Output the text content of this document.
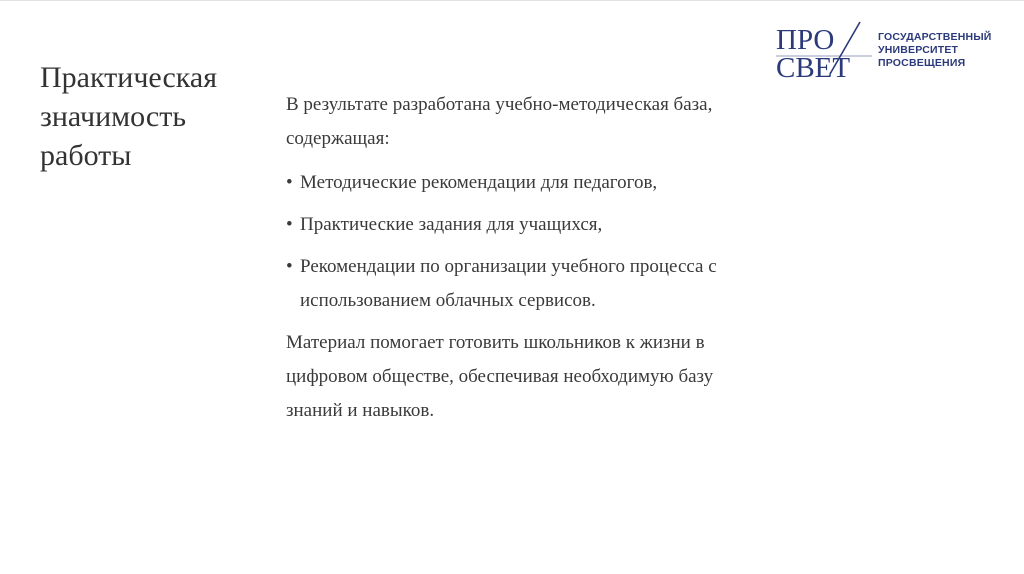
ПРО
СВЕТ
ГОСУДАРСТВЕННЫЙ
УНИВЕРСИТЕТ
ПРОСВЕЩЕНИЯ
Практическая
значимость
работы

В результате разработана учебно-методическая база,
содержащая:

• Методические рекомендации для педагогов,
• Практические задания для учащихся,
• Рекомендации по организации учебного процесса с
использованием облачных сервисов.

Материал помогает готовить школьников к жизни в
цифровом обществе, обеспечивая необходимую базу
знаний и навыков.
